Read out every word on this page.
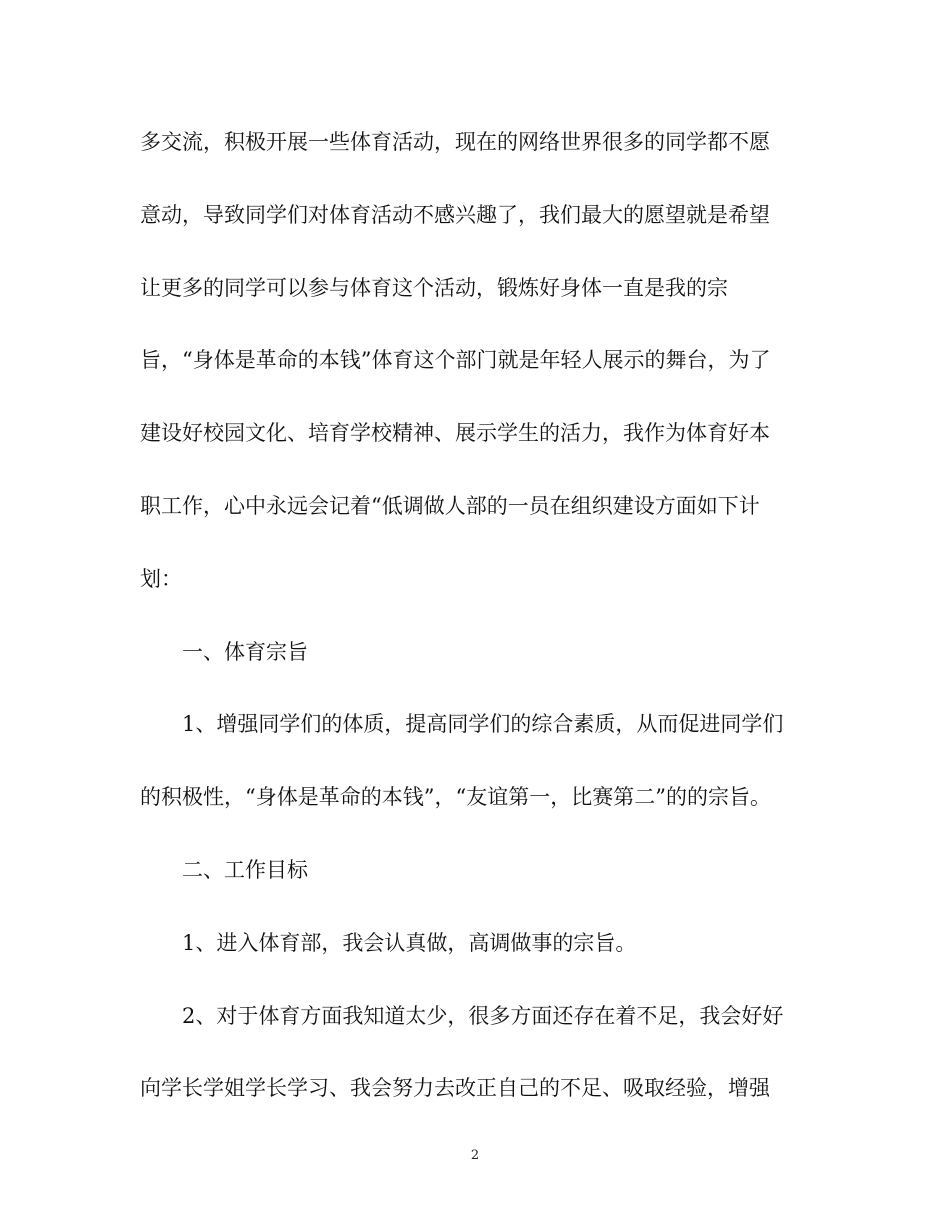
多交流，积极开展一些体育活动，现在的网络世界很多的同学都不愿

意动，导致同学们对体育活动不感兴趣了，我们最大的愿望就是希望

让更多的同学可以参与体育这个活动，锻炼好身体一直是我的宗

旨，“身体是革命的本钱”体育这个部门就是年轻人展示的舞台，为了

建设好校园文化、培育学校精神、展示学生的活力，我作为体育好本

职工作，心中永远会记着“低调做人部的一员在组织建设方面如下计

划：

一、体育宗旨

1、增强同学们的体质，提高同学们的综合素质，从而促进同学们

的积极性，“身体是革命的本钱”，“友谊第一，比赛第二”的的宗旨。

二、工作目标

1、进入体育部，我会认真做，高调做事的宗旨。

2、对于体育方面我知道太少，很多方面还存在着不足，我会好好

向学长学姐学长学习、我会努力去改正自己的不足、吸取经验，增强

2
